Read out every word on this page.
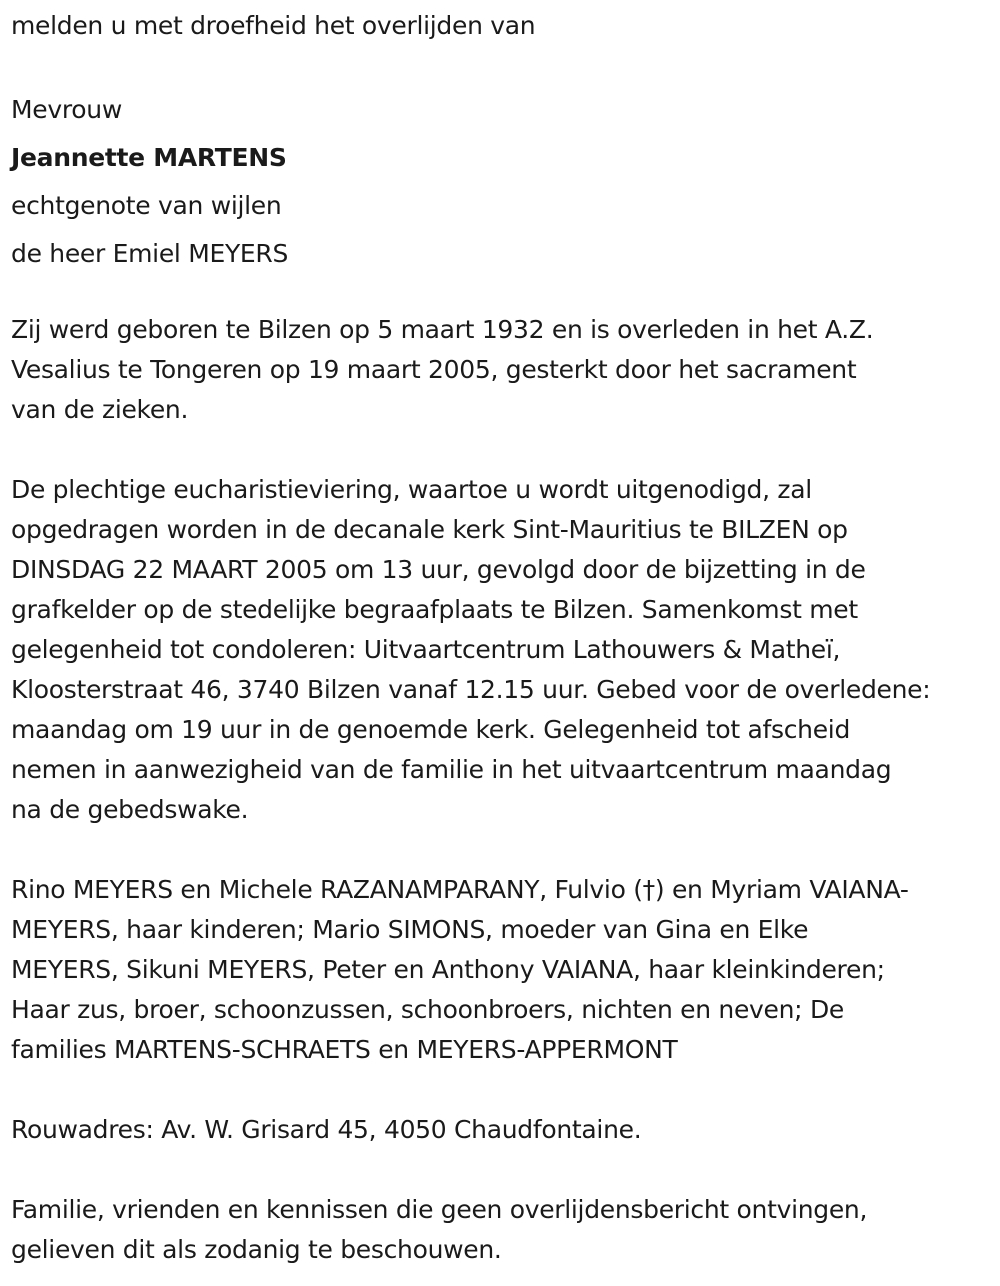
melden u met droefheid het overlijden van

Mevrouw

Jeannette MARTENS

echtgenote van wijlen

de heer Emiel MEYERS

Zij werd geboren te Bilzen op 5 maart 1932 en is overleden in het A.Z.

Vesalius te Tongeren op 19 maart 2005, gesterkt door het sacrament

van de zieken.

De plechtige eucharistieviering, waartoe u wordt uitgenodigd, zal

opgedragen worden in de decanale kerk Sint-Mauritius te BILZEN op

DINSDAG 22 MAART 2005 om 13 uur, gevolgd door de bijzetting in de

grafkelder op de stedelijke begraafplaats te Bilzen. Samenkomst met

gelegenheid tot condoleren: Uitvaartcentrum Lathouwers & Matheï,

Kloosterstraat 46, 3740 Bilzen vanaf 12.15 uur. Gebed voor de overledene:

maandag om 19 uur in de genoemde kerk. Gelegenheid tot afscheid

nemen in aanwezigheid van de familie in het uitvaartcentrum maandag

na de gebedswake.

Rino MEYERS en Michele RAZANAMPARANY, Fulvio (†) en Myriam VAIANA-

MEYERS, haar kinderen; Mario SIMONS, moeder van Gina en Elke

MEYERS, Sikuni MEYERS, Peter en Anthony VAIANA, haar kleinkinderen;

Haar zus, broer, schoonzussen, schoonbroers, nichten en neven; De

families MARTENS-SCHRAETS en MEYERS-APPERMONT

Rouwadres: Av. W. Grisard 45, 4050 Chaudfontaine.

Familie, vrienden en kennissen die geen overlijdensbericht ontvingen,

gelieven dit als zodanig te beschouwen.
